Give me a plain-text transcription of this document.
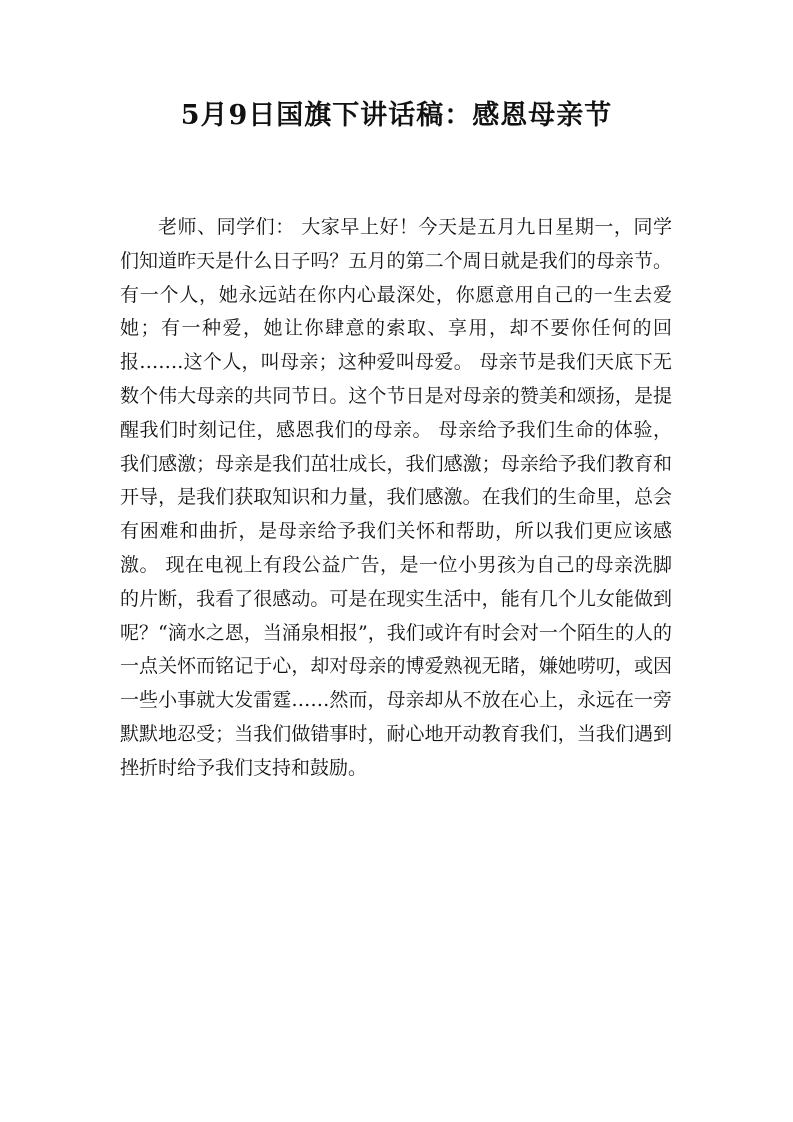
5月9日国旗下讲话稿：感恩母亲节

老师、同学们： 大家早上好！今天是五月九日星期一，同学们知道昨天是什么日子吗？五月的第二个周日就是我们的母亲节。 有一个人，她永远站在你内心最深处，你愿意用自己的一生去爱她；有一种爱，她让你肆意的索取、享用，却不要你任何的回报…….这个人，叫母亲；这种爱叫母爱。 母亲节是我们天底下无数个伟大母亲的共同节日。这个节日是对母亲的赞美和颂扬，是提醒我们时刻记住，感恩我们的母亲。 母亲给予我们生命的体验，我们感激；母亲是我们茁壮成长，我们感激；母亲给予我们教育和开导，是我们获取知识和力量，我们感激。在我们的生命里，总会有困难和曲折，是母亲给予我们关怀和帮助，所以我们更应该感激。 现在电视上有段公益广告，是一位小男孩为自己的母亲洗脚的片断，我看了很感动。可是在现实生活中，能有几个儿女能做到呢？“滴水之恩，当涌泉相报”，我们或许有时会对一个陌生的人的一点关怀而铭记于心，却对母亲的博爱熟视无睹，嫌她唠叨，或因一些小事就大发雷霆……然而，母亲却从不放在心上，永远在一旁默默地忍受；当我们做错事时，耐心地开动教育我们，当我们遇到挫折时给予我们支持和鼓励。
